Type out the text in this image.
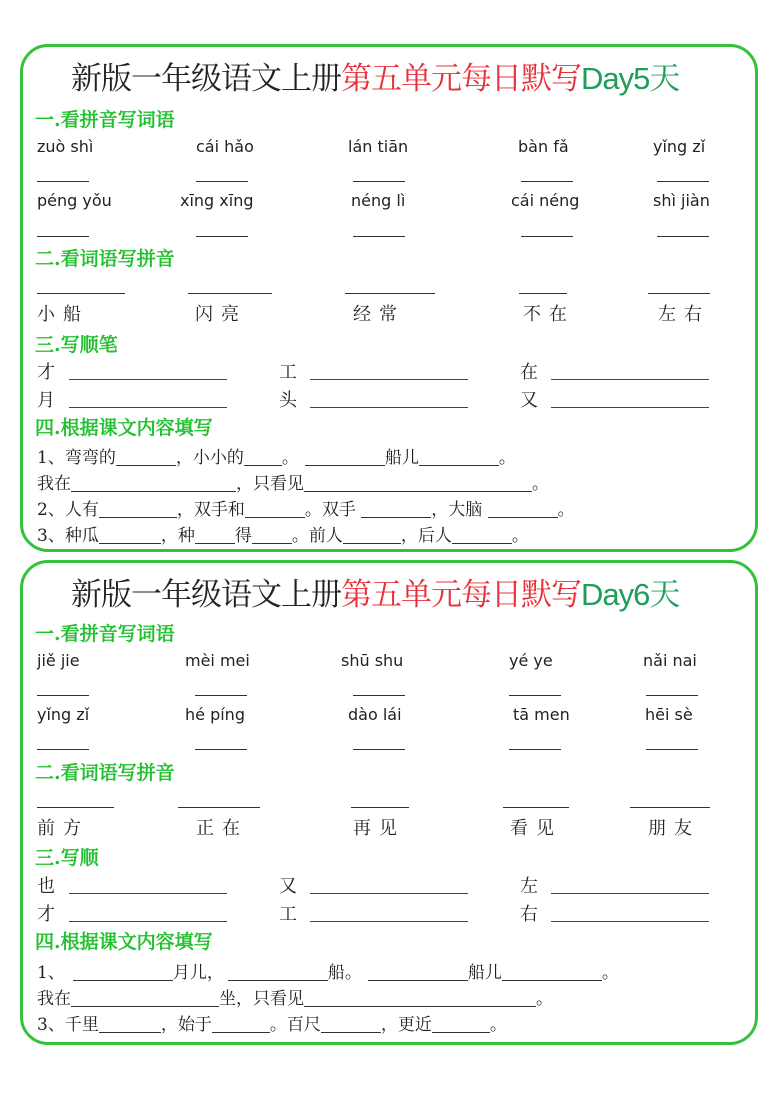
新版一年级语文上册第五单元每日默写Day5天
一.看拼音写词语
zuò shì	cái hǎo	lán tiān	bàn fǎ	yǐng zǐ
péng yǒu	xīng xīng	néng lì	cái néng	shì jiàn
二.看词语写拼音
小船	闪亮	经常	不在	左右
三.写顺笔
才	工	在
月	头	又
四.根据课文内容填写
1、弯弯的	，小小的 。	船儿	。
我在	，只看见	。
2、人有	，双手和	。双手	，大脑	。
3、种瓜	，种 得 。前人	，后人	。
新版一年级语文上册第五单元每日默写Day6天
一.看拼音写词语
jiě jie	mèi mei	shū shu	yé ye	nǎi nai
yǐng zǐ	hé píng	dào lái	tā men	hēi sè
二.看词语写拼音
前方	正在	再见	看见	朋友
三.写顺
也	又	左
才	工	右
四.根据课文内容填写
1、	月儿，	船。	船儿	。
我在	坐，只看见	。
3、千里	，始于	。百尺	，更近	。
